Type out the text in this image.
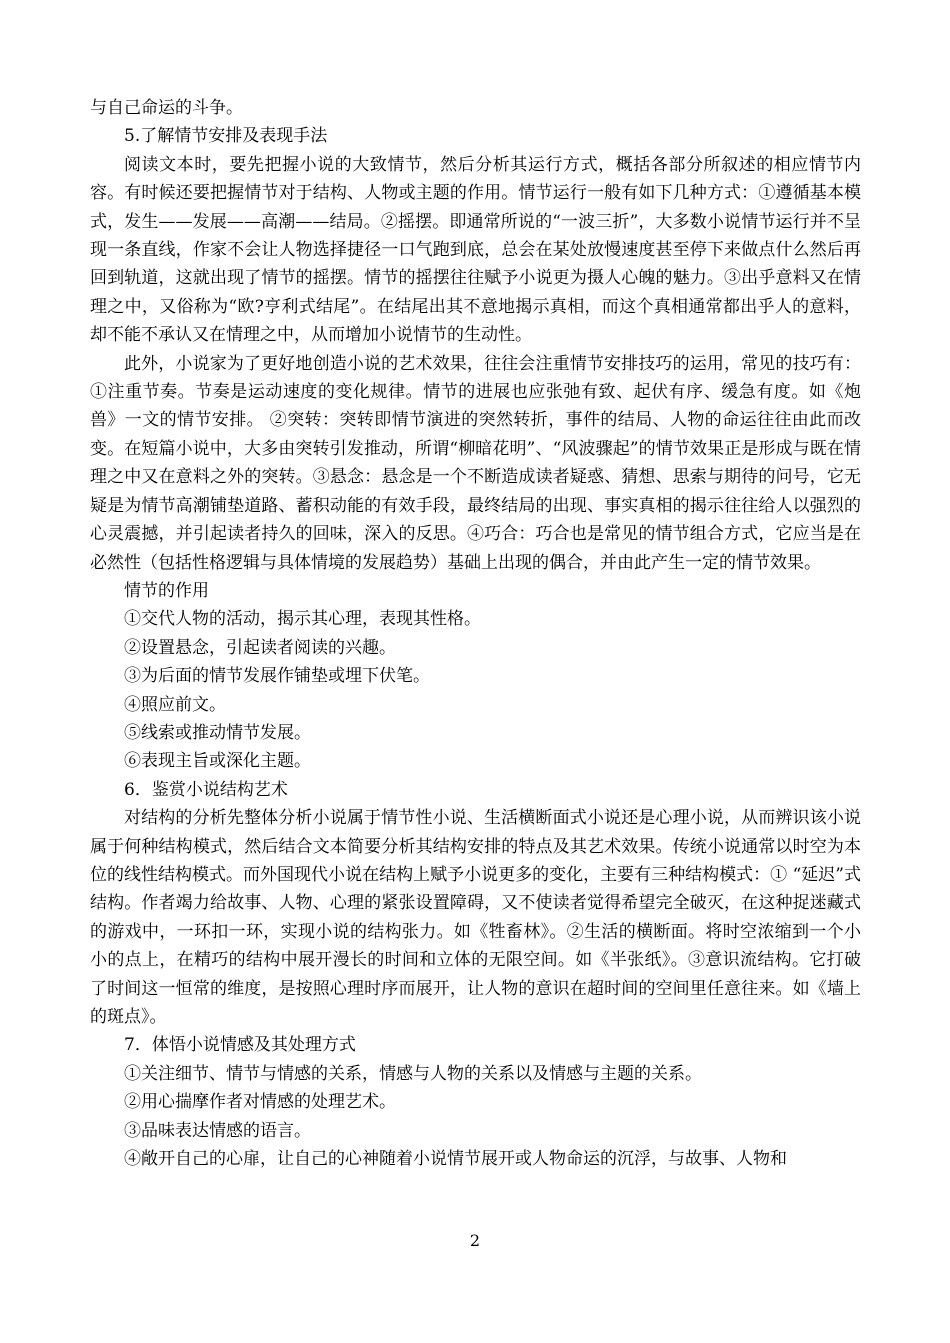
与自己命运的斗争。

5.了解情节安排及表现手法

阅读文本时，要先把握小说的大致情节，然后分析其运行方式，概括各部分所叙述的相应情节内容。有时候还要把握情节对于结构、人物或主题的作用。情节运行一般有如下几种方式：①遵循基本模式，发生——发展——高潮——结局。②摇摆。即通常所说的“一波三折”，大多数小说情节运行并不呈现一条直线，作家不会让人物选择捷径一口气跑到底，总会在某处放慢速度甚至停下来做点什么然后再回到轨道，这就出现了情节的摇摆。情节的摇摆往往赋予小说更为摄人心魄的魅力。③出乎意料又在情理之中，又俗称为“欧?亨利式结尾”。在结尾出其不意地揭示真相，而这个真相通常都出乎人的意料，却不能不承认又在情理之中，从而增加小说情节的生动性。

此外，小说家为了更好地创造小说的艺术效果，往往会注重情节安排技巧的运用，常见的技巧有：①注重节奏。节奏是运动速度的变化规律。情节的进展也应张弛有致、起伏有序、缓急有度。如《炮兽》一文的情节安排。 ②突转：突转即情节演进的突然转折，事件的结局、人物的命运往往由此而改变。在短篇小说中，大多由突转引发推动，所谓“柳暗花明”、“风波骤起”的情节效果正是形成与既在情理之中又在意料之外的突转。③悬念：悬念是一个不断造成读者疑惑、猜想、思索与期待的问号，它无疑是为情节高潮铺垫道路、蓄积动能的有效手段，最终结局的出现、事实真相的揭示往往给人以强烈的心灵震撼，并引起读者持久的回味，深入的反思。④巧合：巧合也是常见的情节组合方式，它应当是在必然性（包括性格逻辑与具体情境的发展趋势）基础上出现的偶合，并由此产生一定的情节效果。

情节的作用

①交代人物的活动，揭示其心理，表现其性格。

②设置悬念，引起读者阅读的兴趣。

③为后面的情节发展作铺垫或埋下伏笔。

④照应前文。

⑤线索或推动情节发展。

⑥表现主旨或深化主题。

6．鉴赏小说结构艺术

对结构的分析先整体分析小说属于情节性小说、生活横断面式小说还是心理小说，从而辨识该小说属于何种结构模式，然后结合文本简要分析其结构安排的特点及其艺术效果。传统小说通常以时空为本位的线性结构模式。而外国现代小说在结构上赋予小说更多的变化，主要有三种结构模式：① “延迟”式结构。作者竭力给故事、人物、心理的紧张设置障碍，又不使读者觉得希望完全破灭，在这种捉迷藏式的游戏中，一环扣一环，实现小说的结构张力。如《牲畜林》。②生活的横断面。将时空浓缩到一个小小的点上，在精巧的结构中展开漫长的时间和立体的无限空间。如《半张纸》。③意识流结构。它打破了时间这一恒常的维度，是按照心理时序而展开，让人物的意识在超时间的空间里任意往来。如《墙上的斑点》。

7．体悟小说情感及其处理方式

①关注细节、情节与情感的关系，情感与人物的关系以及情感与主题的关系。

②用心揣摩作者对情感的处理艺术。

③品味表达情感的语言。

④敞开自己的心扉，让自己的心神随着小说情节展开或人物命运的沉浮，与故事、人物和

2
